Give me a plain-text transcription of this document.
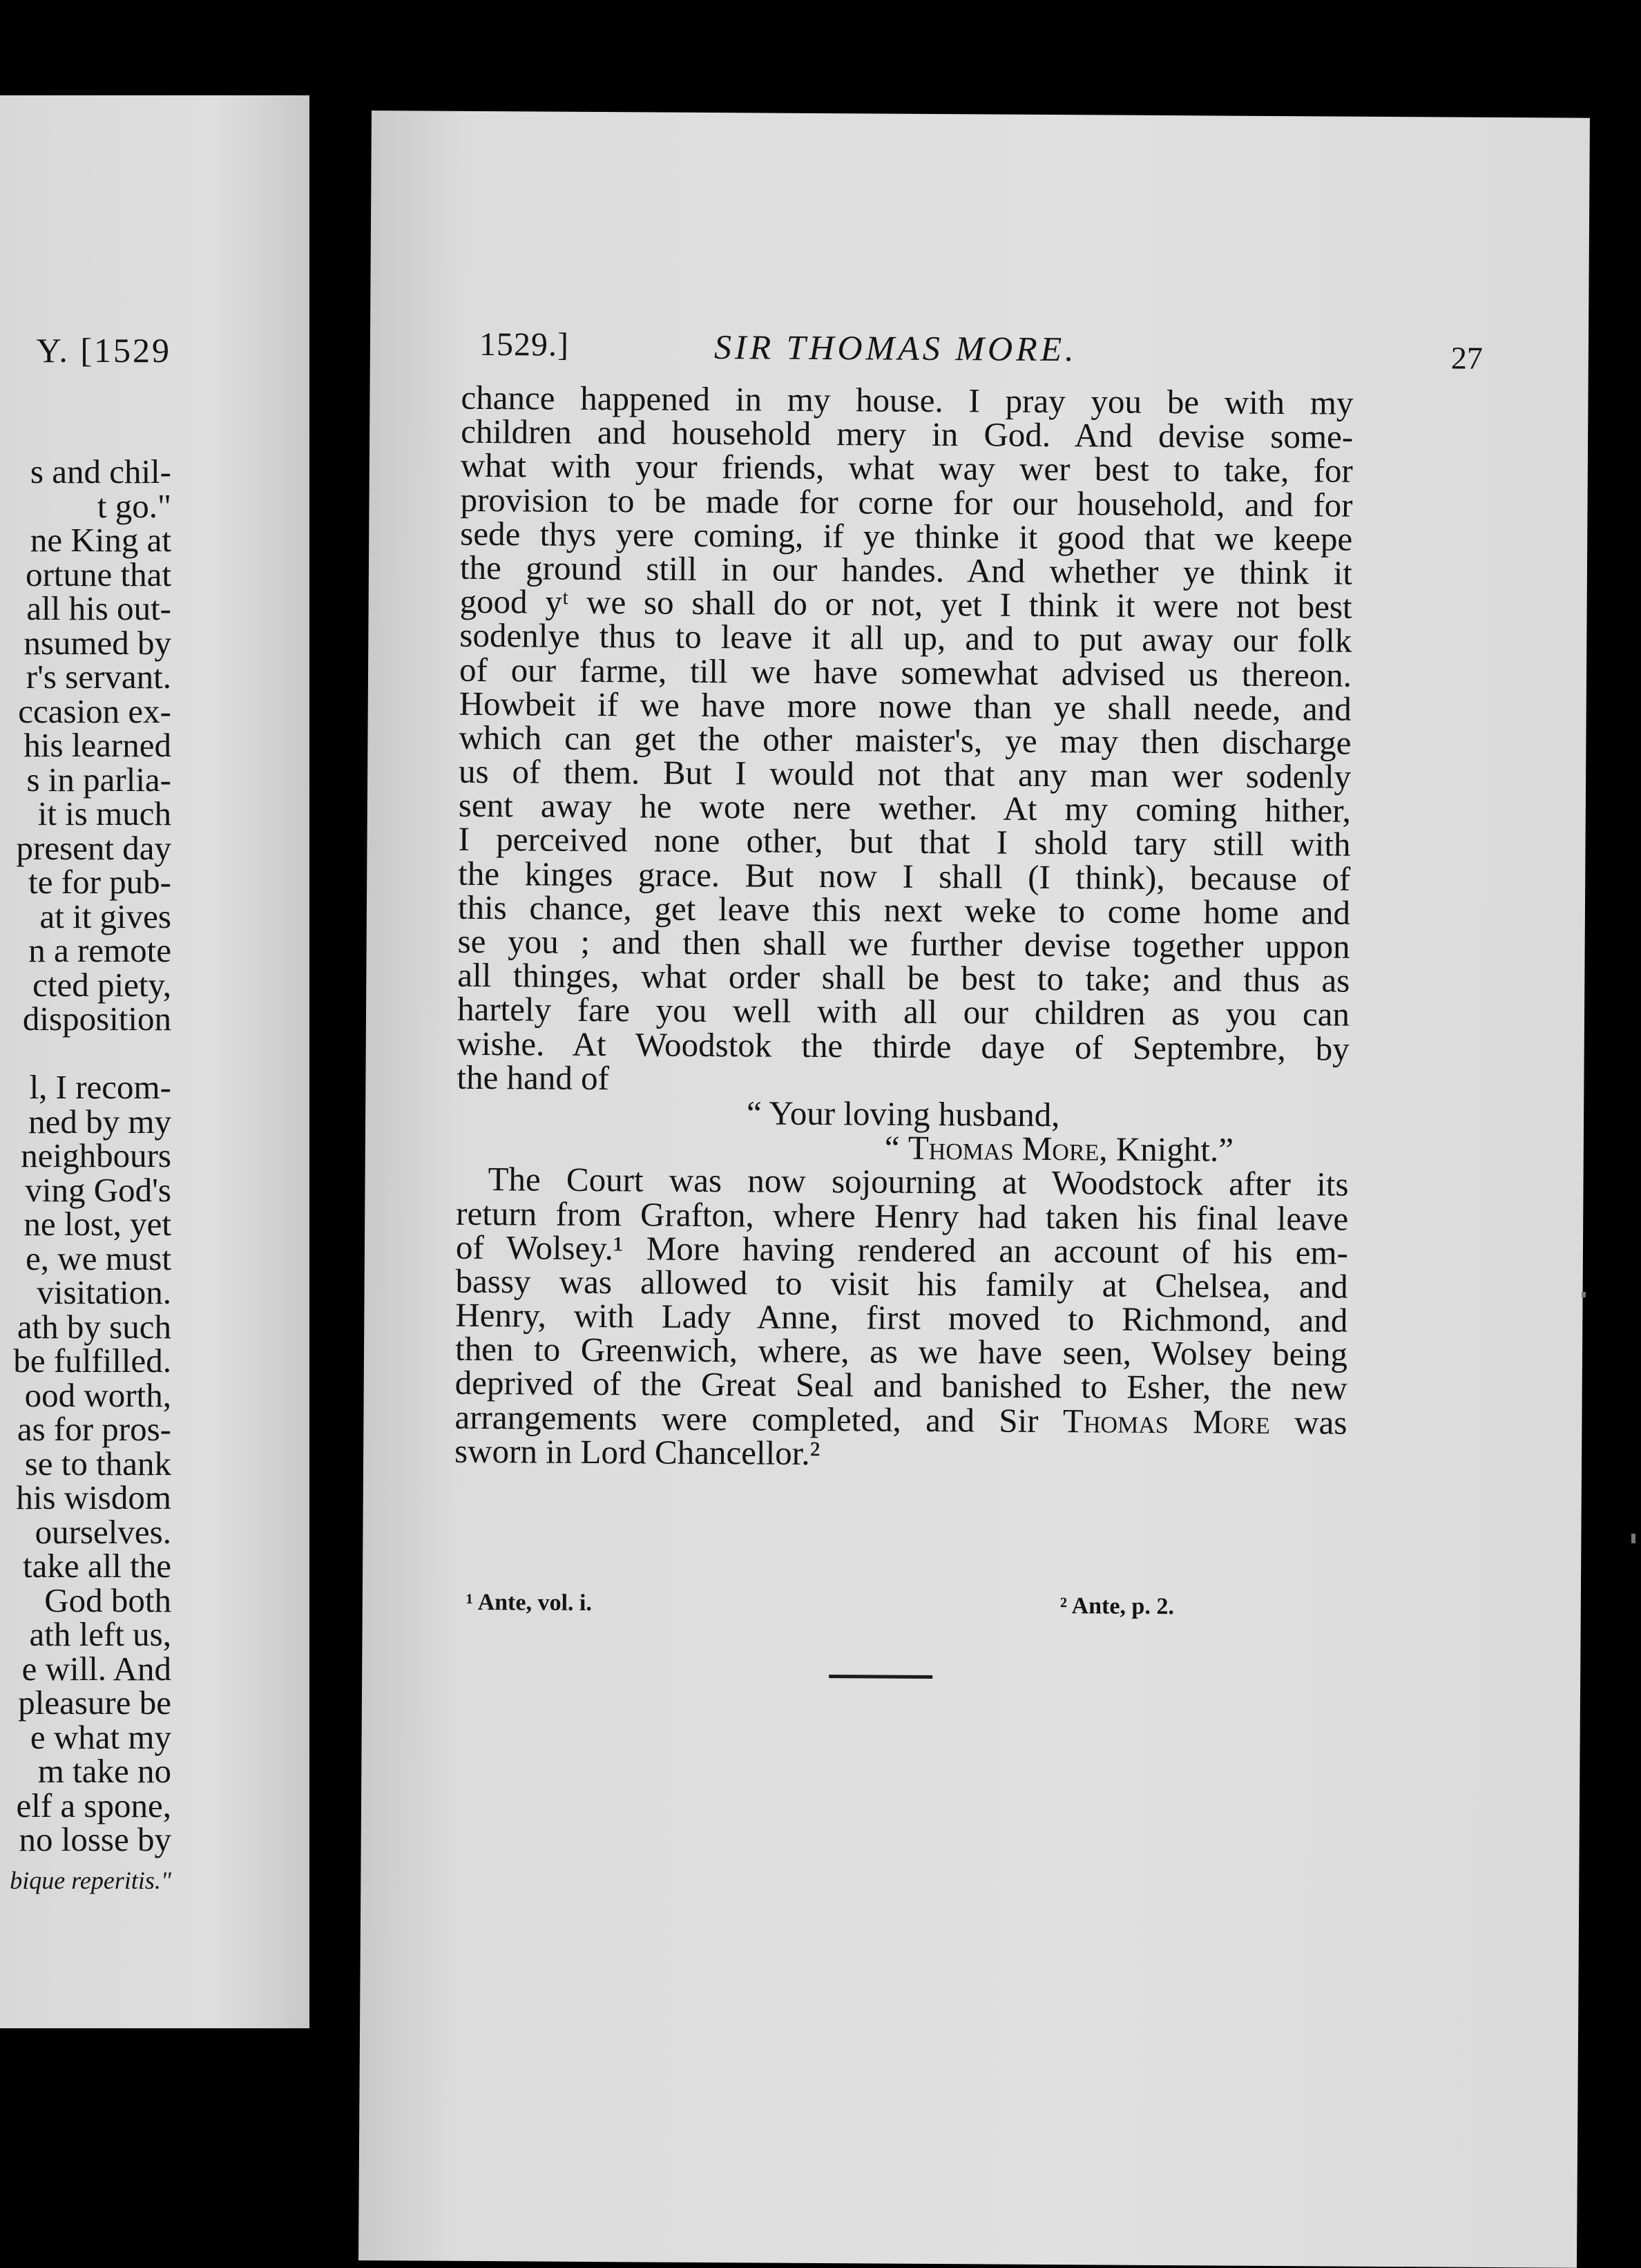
Y. [1529
s and chil-
t go."
ne King at
ortune that
all his out-
nsumed by
r's servant.
ccasion ex-
his learned
s in parlia-
it is much
present day
te for pub-
at it gives
n a remote
cted piety,
disposition
l, I recom-
ned by my
neighbours
ving God's
ne lost, yet
e, we must
visitation.
ath by such
be fulfilled.
ood worth,
as for pros-
se to thank
his wisdom
ourselves.
take all the
God both
ath left us,
e will. And
pleasure be
e what my
m take no
elf a spone,
no losse by
bique reperitis."
1529.]	SIR THOMAS MORE.	27
chance happened in my house. I pray you be with my
children and household mery in God. And devise some-
what with your friends, what way wer best to take, for
provision to be made for corne for our household, and for
sede thys yere coming, if ye thinke it good that we keepe
the ground still in our handes. And whether ye think it
good yᵗ we so shall do or not, yet I think it were not best
sodenlye thus to leave it all up, and to put away our folk
of our farme, till we have somewhat advised us thereon.
Howbeit if we have more nowe than ye shall neede, and
which can get the other maister's, ye may then discharge
us of them. But I would not that any man wer sodenly
sent away he wote nere wether. At my coming hither,
I perceived none other, but that I shold tary still with
the kinges grace. But now I shall (I think), because of
this chance, get leave this next weke to come home and
se you ; and then shall we further devise together uppon
all thinges, what order shall be best to take; and thus as
hartely fare you well with all our children as you can
wishe. At Woodstok the thirde daye of Septembre, by
the hand of
“ Your loving husband,
“ Thomas More, Knight.”
The Court was now sojourning at Woodstock after its
return from Grafton, where Henry had taken his final leave
of Wolsey.¹ More having rendered an account of his em-
bassy was allowed to visit his family at Chelsea, and
Henry, with Lady Anne, first moved to Richmond, and
then to Greenwich, where, as we have seen, Wolsey being
deprived of the Great Seal and banished to Esher, the new
arrangements were completed, and Sir Thomas More was
sworn in Lord Chancellor.²
¹ Ante, vol. i.	² Ante, p. 2.
